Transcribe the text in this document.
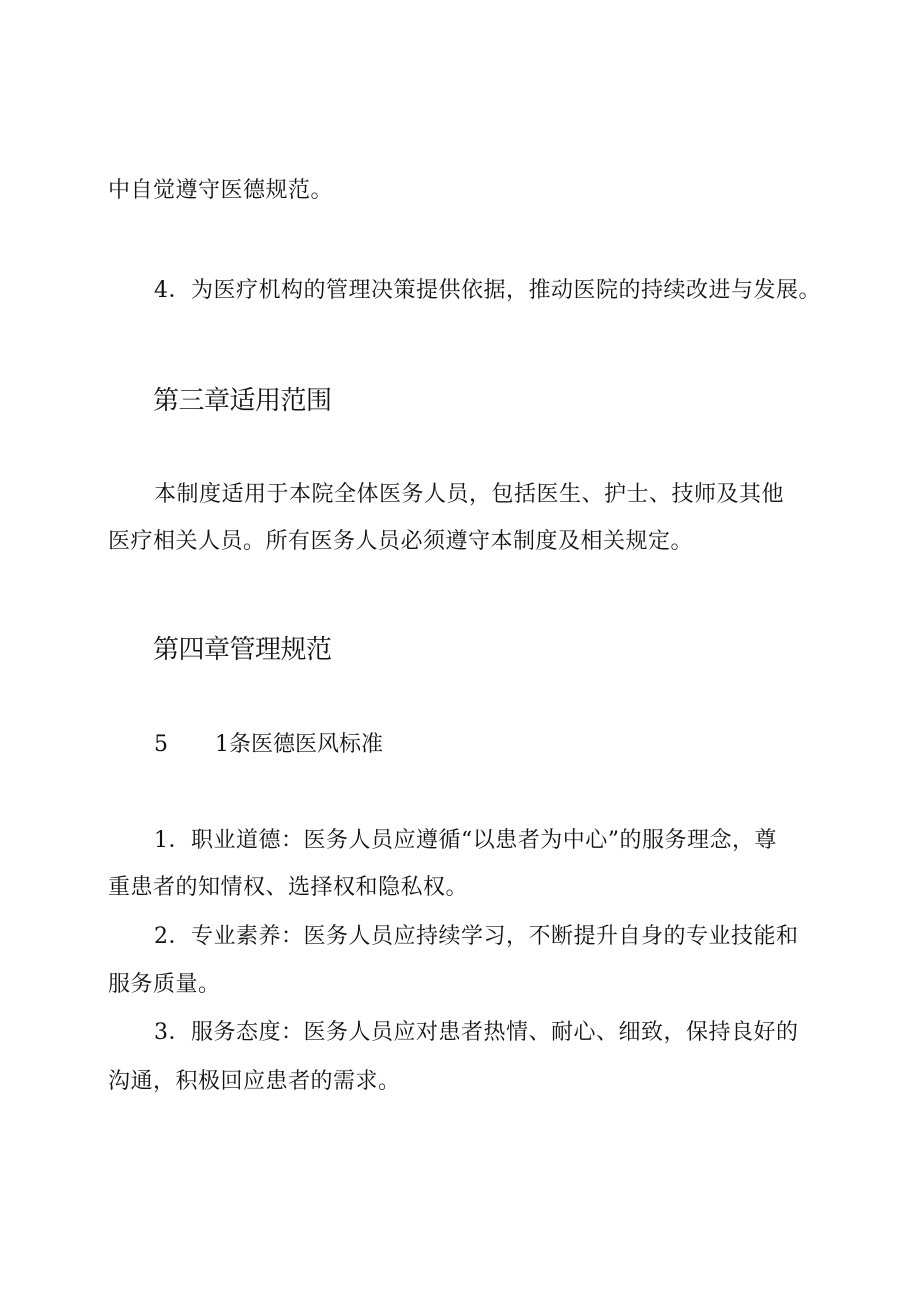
中自觉遵守医德规范。
4．为医疗机构的管理决策提供依据，推动医院的持续改进与发展。
第三章适用范围
本制度适用于本院全体医务人员，包括医生、护士、技师及其他
医疗相关人员。所有医务人员必须遵守本制度及相关规定。
第四章管理规范
5 1条医德医风标准
1．职业道德：医务人员应遵循“以患者为中心”的服务理念，尊
重患者的知情权、选择权和隐私权。
2．专业素养：医务人员应持续学习，不断提升自身的专业技能和
服务质量。
3．服务态度：医务人员应对患者热情、耐心、细致，保持良好的
沟通，积极回应患者的需求。
